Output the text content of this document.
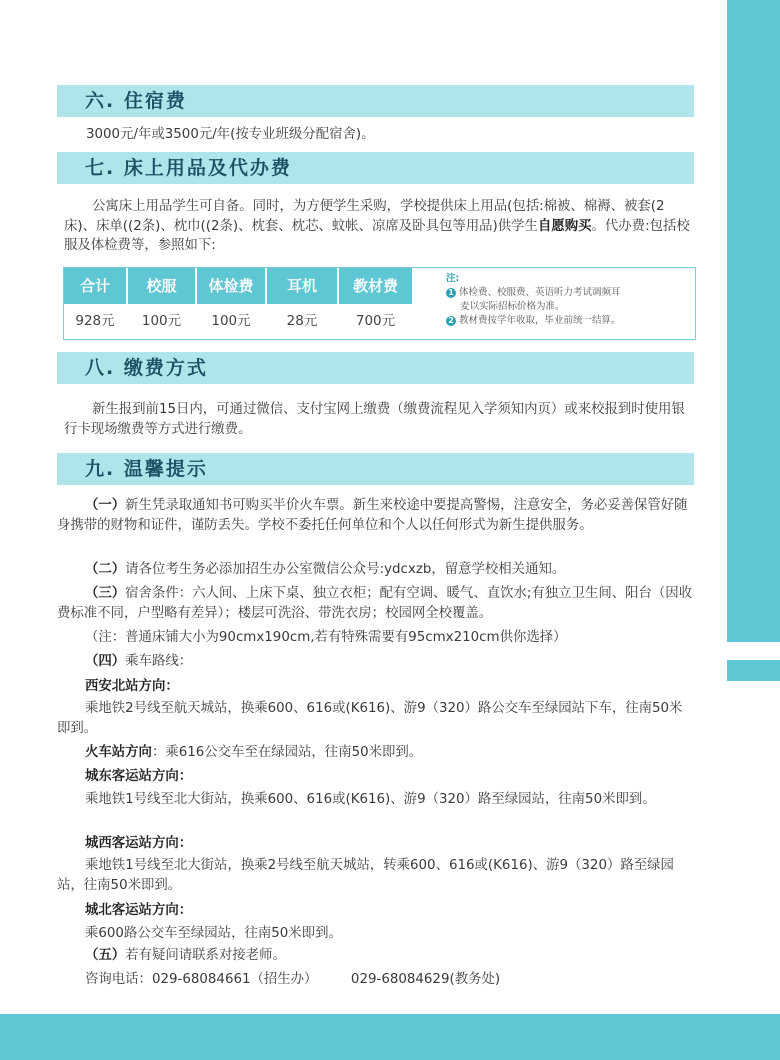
六. 住宿费

3000元/年或3500元/年(按专业班级分配宿舍)。

七. 床上用品及代办费

公寓床上用品学生可自备。同时，为方便学生采购，学校提供床上用品(包括:棉被、棉褥、被套(2床)、床单((2条)、枕巾((2条)、枕套、枕芯、蚊帐、凉席及卧具包等用品)供学生自愿购买。代办费:包括校服及体检费等，参照如下:

合计
928元
校服
100元
体检费
100元
耳机
28元
教材费
700元
注:
1 体检费、校服费、英语听力考试调频耳
麦以实际招标价格为准。
2 教材费按学年收取，毕业前统一结算。
八. 缴费方式

新生报到前15日内，可通过微信、支付宝网上缴费（缴费流程见入学须知内页）或来校报到时使用银行卡现场缴费等方式进行缴费。

九. 温馨提示

（一）新生凭录取通知书可购买半价火车票。新生来校途中要提高警惕，注意安全，务必妥善保管好随身携带的财物和证件，谨防丢失。学校不委托任何单位和个人以任何形式为新生提供服务。

（二）请各位考生务必添加招生办公室微信公众号:ydcxzb，留意学校相关通知。

（三）宿舍条件：六人间、上床下桌、独立衣柜；配有空调、暖气、直饮水;有独立卫生间、阳台（因收费标准不同，户型略有差异）；楼层可洗浴、带洗衣房；校园网全校覆盖。

（注：普通床铺大小为90cmx190cm,若有特殊需要有95cmx210cm供你选择）

（四）乘车路线：

西安北站方向：

乘地铁2号线至航天城站，换乘600、616或(K616)、游9（320）路公交车至绿园站下车，往南50米即到。

火车站方向：乘616公交车至在绿园站，往南50米即到。

城东客运站方向：

乘地铁1号线至北大街站，换乘600、616或(K616)、游9（320）路至绿园站，往南50米即到。

城西客运站方向：

乘地铁1号线至北大街站，换乘2号线至航天城站，转乘600、616或(K616)、游9（320）路至绿园站，往南50米即到。

城北客运站方向：

乘600路公交车至绿园站，往南50米即到。

（五）若有疑问请联系对接老师。

咨询电话：029-68084661（招生办）　　　029-68084629(教务处)
